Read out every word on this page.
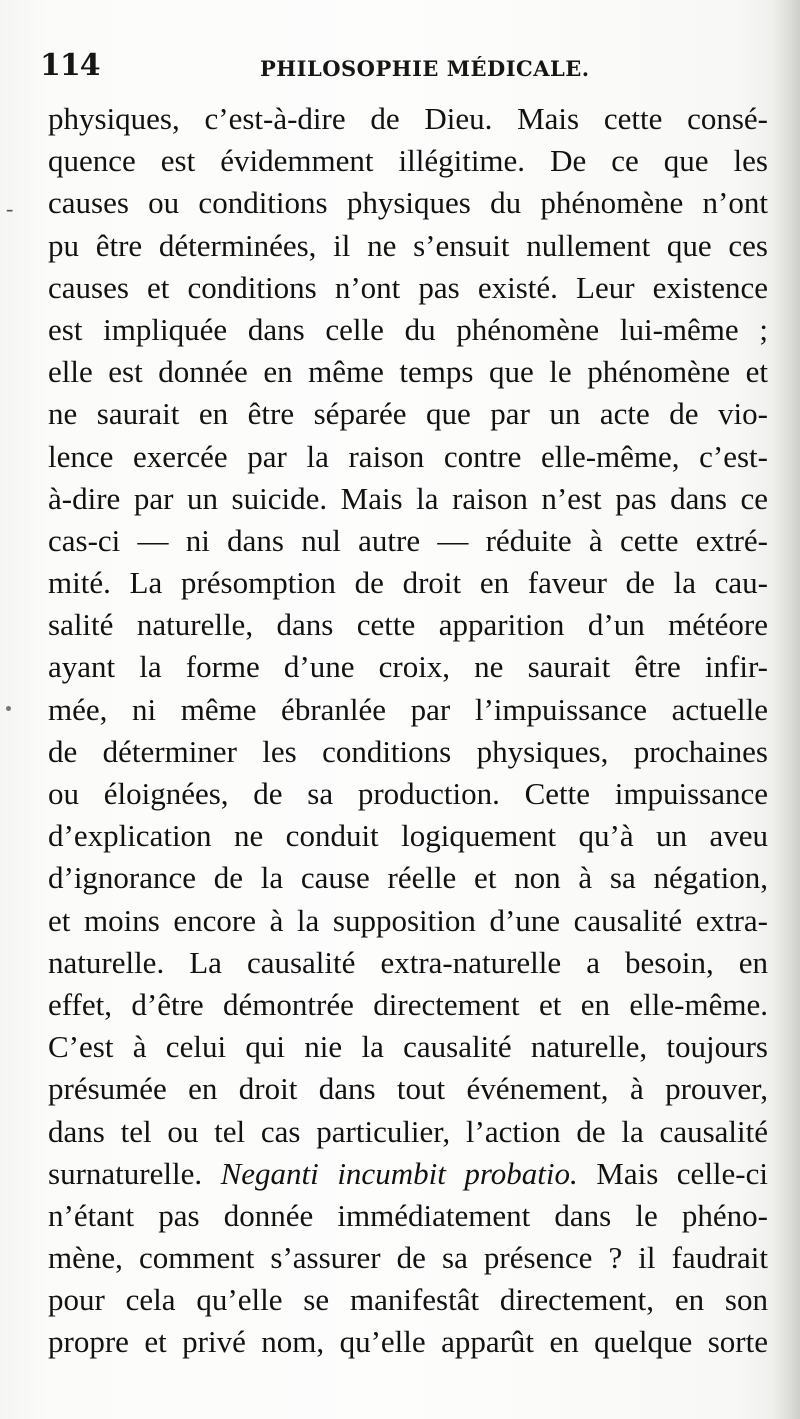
114	PHILOSOPHIE MÉDICALE.
-
physiques, c’est-à-dire de Dieu. Mais cette consé-
quence est évidemment illégitime. De ce que les
causes ou conditions physiques du phénomène n’ont
pu être déterminées, il ne s’ensuit nullement que ces
causes et conditions n’ont pas existé. Leur existence
est impliquée dans celle du phénomène lui-même ;
elle est donnée en même temps que le phénomène et
ne saurait en être séparée que par un acte de vio-
lence exercée par la raison contre elle-même, c’est-
à-dire par un suicide. Mais la raison n’est pas dans ce
cas-ci — ni dans nul autre — réduite à cette extré-
mité. La présomption de droit en faveur de la cau-
salité naturelle, dans cette apparition d’un météore
ayant la forme d’une croix, ne saurait être infir-
mée, ni même ébranlée par l’impuissance actuelle
de déterminer les conditions physiques, prochaines
ou éloignées, de sa production. Cette impuissance
d’explication ne conduit logiquement qu’à un aveu
d’ignorance de la cause réelle et non à sa négation,
et moins encore à la supposition d’une causalité extra-
naturelle. La causalité extra-naturelle a besoin, en
effet, d’être démontrée directement et en elle-même.
C’est à celui qui nie la causalité naturelle, toujours
présumée en droit dans tout événement, à prouver,
dans tel ou tel cas particulier, l’action de la causalité
surnaturelle. Neganti incumbit probatio. Mais celle-ci
n’étant pas donnée immédiatement dans le phéno-
mène, comment s’assurer de sa présence ? il faudrait
pour cela qu’elle se manifestât directement, en son
propre et privé nom, qu’elle apparût en quelque sorte
